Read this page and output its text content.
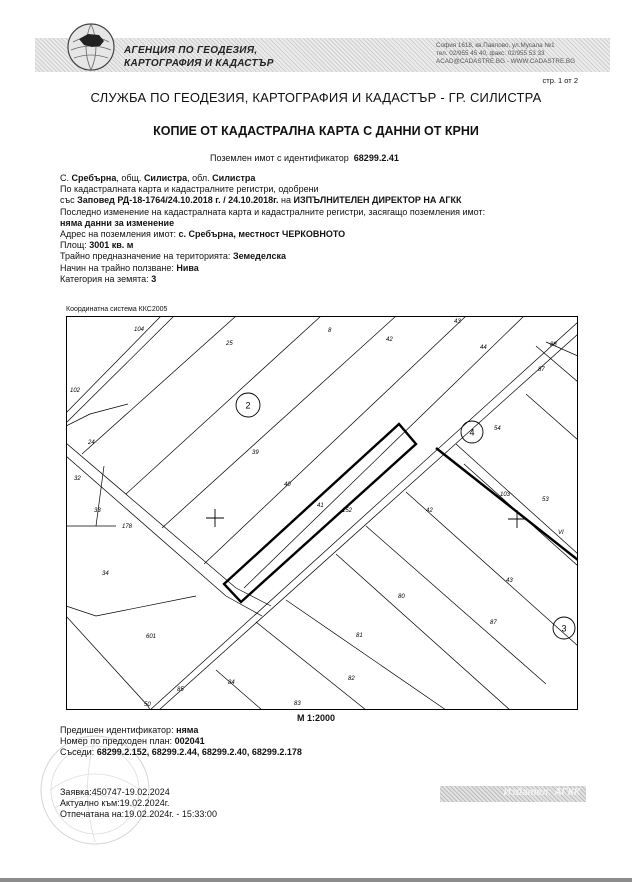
АГЕНЦИЯ ПО ГЕОДЕЗИЯ,
КАРТОГРАФИЯ И КАДАСТЪР
София 1618, кв.Павлово, ул.Мусала №1
тел. 02/955 45 40, факс: 02/955 53 33
ACAD@CADASTRE.BG - WWW.CADASTRE.BG
стр. 1 от 2
СЛУЖБА ПО ГЕОДЕЗИЯ, КАРТОГРАФИЯ И КАДАСТЪР - ГР. СИЛИСТРА
КОПИЕ ОТ КАДАСТРАЛНА КАРТА С ДАННИ ОТ КРНИ
Поземлен имот с идентификатор 68299.2.41
С. Сребърна, общ. Силистра, обл. Силистра
По кадастралната карта и кадастралните регистри, одобрени
със Заповед РД-18-1764/24.10.2018 г. / 24.10.2018г. на ИЗПЪЛНИТЕЛЕН ДИРЕКТОР НА АГКК
Последно изменение на кадастралната карта и кадастралните регистри, засягащо поземления имот:
няма данни за изменение
Адрес на поземления имот: с. Сребърна, местност ЧЕРКОВНОТО
Площ: 3001 кв. м
Трайно предназначение на територията: Земеделска
Начин на трайно ползване: Нива
Категория на земята: 3
Координатна система ККС2005
2
4
3
104
25
8
43
42
88
87
44
102
39
54
24
32
40
103
53
33
41
152	42
178
VI
34
43
80
87
81
601
82
84
85
50	83
М 1:2000
Предишен идентификатор: няма
Номер по предходен план: 002041
Съседи: 68299.2.152, 68299.2.44, 68299.2.40, 68299.2.178
Заявка:450747-19.02.2024
Актуално към:19.02.2024г.
Отпечатана на:19.02.2024г. - 15:33:00
Издател: АГКК
